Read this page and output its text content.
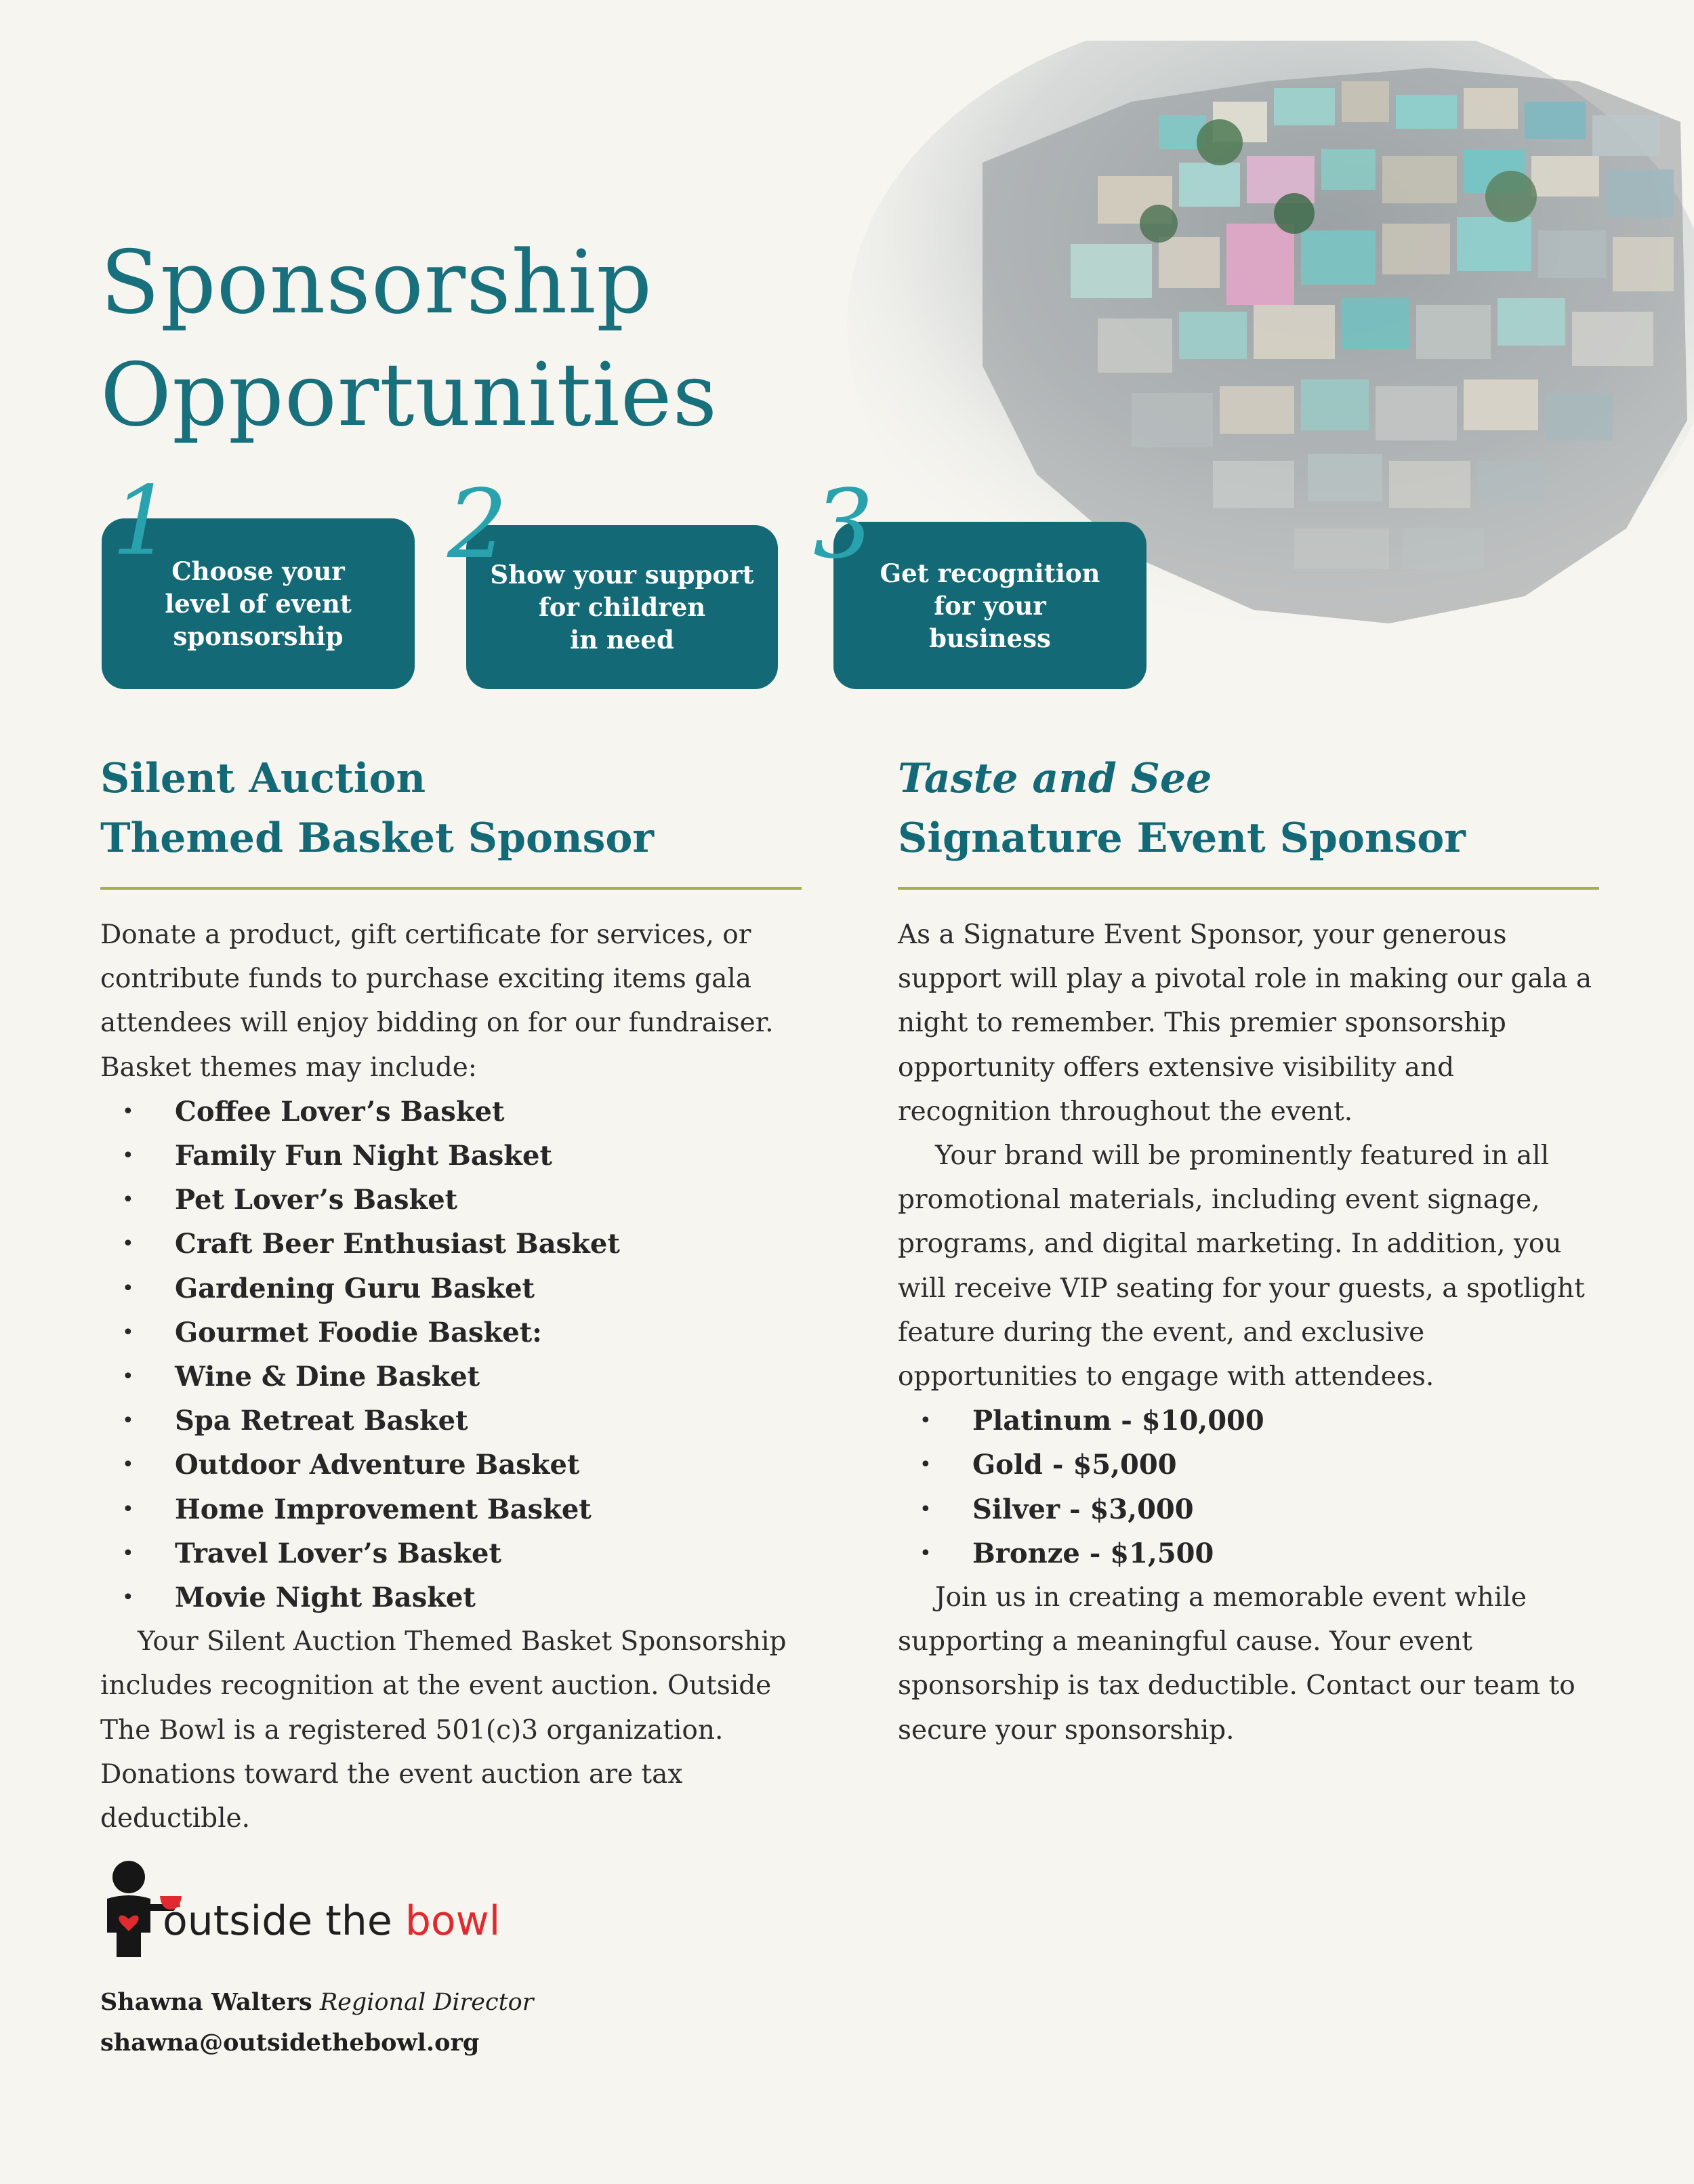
Sponsorship
Opportunities
1 Choose your
level of event
sponsorship
2
Show your support
for children
in need
3 Get recognition
for your
business
Silent Auction
Themed Basket Sponsor

Donate a product, gift certificate for services, or contribute funds to purchase exciting items gala attendees will enjoy bidding on for our fundraiser. Basket themes may include:

• Coffee Lover’s Basket
• Family Fun Night Basket
• Pet Lover’s Basket
• Craft Beer Enthusiast Basket
• Gardening Guru Basket
• Gourmet Foodie Basket:
• Wine & Dine Basket
• Spa Retreat Basket
• Outdoor Adventure Basket
• Home Improvement Basket
• Travel Lover’s Basket
• Movie Night Basket

Your Silent Auction Themed Basket Sponsorship includes recognition at the event auction. Outside The Bowl is a registered 501(c)3 organization. Donations toward the event auction are tax deductible.

Taste and See
Signature Event Sponsor

As a Signature Event Sponsor, your generous support will play a pivotal role in making our gala a night to remember. This premier sponsorship opportunity offers extensive visibility and recognition throughout the event.

Your brand will be prominently featured in all promotional materials, including event signage, programs, and digital marketing. In addition, you will receive VIP seating for your guests, a spotlight feature during the event, and exclusive opportunities to engage with attendees.

• Platinum - $10,000
• Gold - $5,000
• Silver - $3,000
• Bronze - $1,500

Join us in creating a memorable event while supporting a meaningful cause. Your event sponsorship is tax deductible. Contact our team to secure your sponsorship.

outside the bowl
Shawna Walters Regional Director
shawna@outsidethebowl.org
